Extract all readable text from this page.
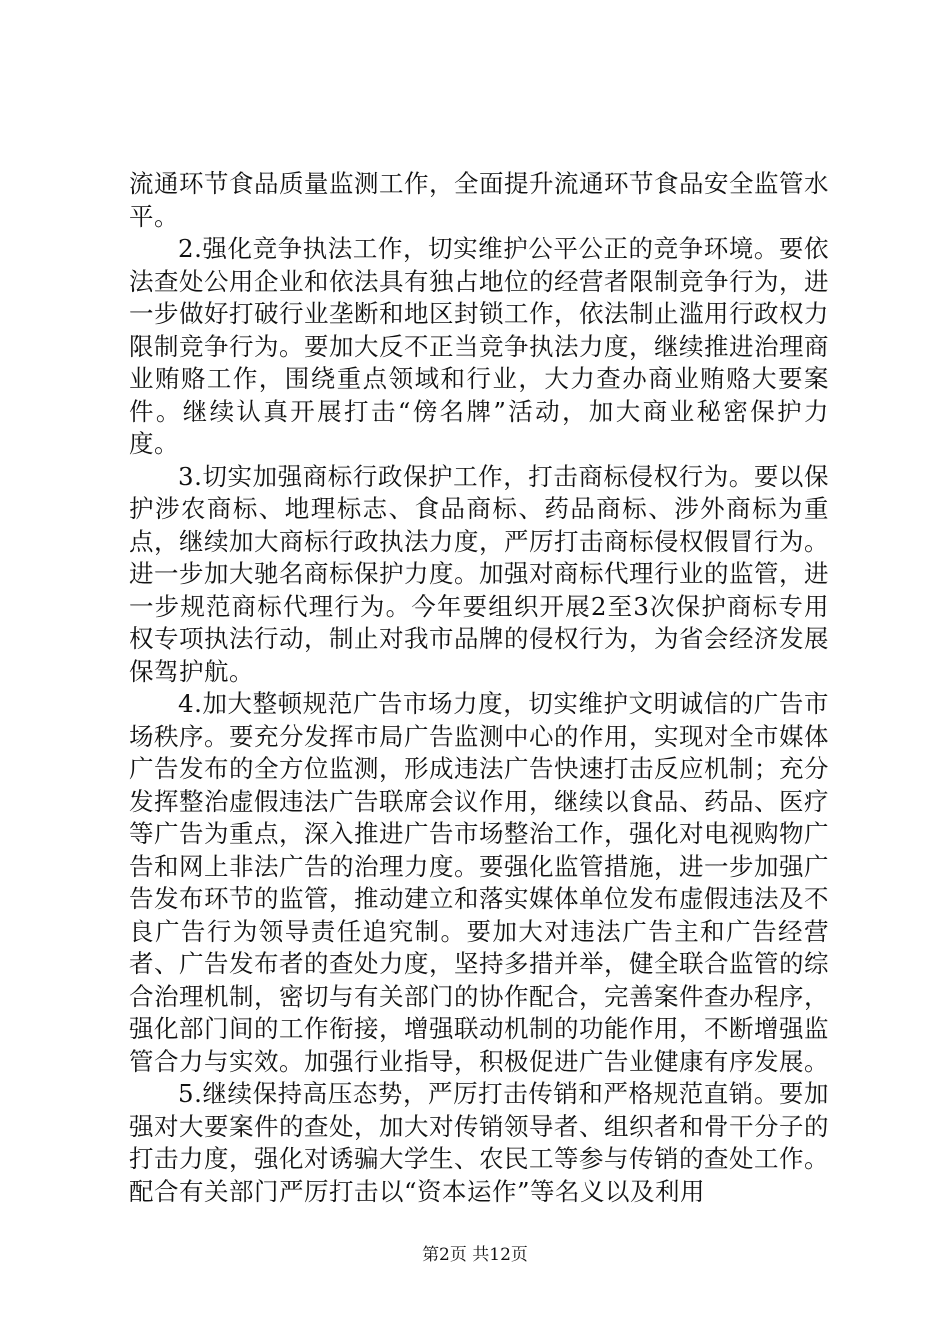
流通环节食品质量监测工作，全面提升流通环节食品安全监管水平。

2.强化竞争执法工作，切实维护公平公正的竞争环境。要依法查处公用企业和依法具有独占地位的经营者限制竞争行为，进一步做好打破行业垄断和地区封锁工作，依法制止滥用行政权力限制竞争行为。要加大反不正当竞争执法力度，继续推进治理商业贿赂工作，围绕重点领域和行业，大力查办商业贿赂大要案件。继续认真开展打击“傍名牌”活动，加大商业秘密保护力度。

3.切实加强商标行政保护工作，打击商标侵权行为。要以保护涉农商标、地理标志、食品商标、药品商标、涉外商标为重点，继续加大商标行政执法力度，严厉打击商标侵权假冒行为。进一步加大驰名商标保护力度。加强对商标代理行业的监管，进一步规范商标代理行为。今年要组织开展2至3次保护商标专用权专项执法行动，制止对我市品牌的侵权行为，为省会经济发展保驾护航。

4.加大整顿规范广告市场力度，切实维护文明诚信的广告市场秩序。要充分发挥市局广告监测中心的作用，实现对全市媒体广告发布的全方位监测，形成违法广告快速打击反应机制；充分发挥整治虚假违法广告联席会议作用，继续以食品、药品、医疗等广告为重点，深入推进广告市场整治工作，强化对电视购物广告和网上非法广告的治理力度。要强化监管措施，进一步加强广告发布环节的监管，推动建立和落实媒体单位发布虚假违法及不良广告行为领导责任追究制。要加大对违法广告主和广告经营者、广告发布者的查处力度，坚持多措并举，健全联合监管的综合治理机制，密切与有关部门的协作配合，完善案件查办程序，强化部门间的工作衔接，增强联动机制的功能作用，不断增强监管合力与实效。加强行业指导，积极促进广告业健康有序发展。

5.继续保持高压态势，严厉打击传销和严格规范直销。要加强对大要案件的查处，加大对传销领导者、组织者和骨干分子的打击力度，强化对诱骗大学生、农民工等参与传销的查处工作。配合有关部门严厉打击以“资本运作”等名义以及利用

第2页 共12页
